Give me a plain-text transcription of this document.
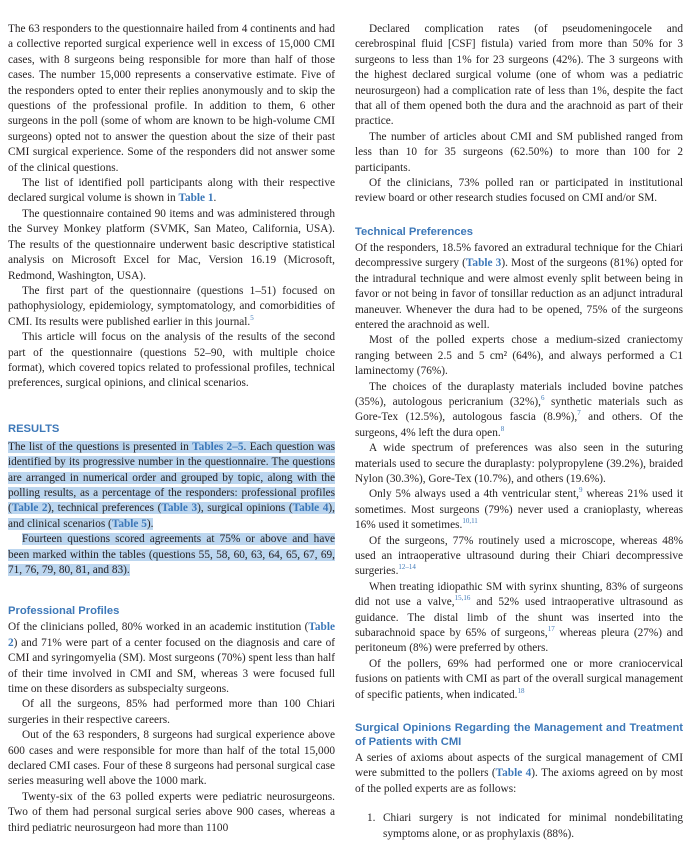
The 63 responders to the questionnaire hailed from 4 continents and had a collective reported surgical experience well in excess of 15,000 CMI cases, with 8 surgeons being responsible for more than half of those cases. The number 15,000 represents a conservative estimate. Five of the responders opted to enter their replies anonymously and to skip the questions of the professional profile. In addition to them, 6 other surgeons in the poll (some of whom are known to be high-volume CMI surgeons) opted not to answer the question about the size of their past CMI surgical experience. Some of the responders did not answer some of the clinical questions.

The list of identified poll participants along with their respective declared surgical volume is shown in Table 1.

The questionnaire contained 90 items and was administered through the Survey Monkey platform (SVMK, San Mateo, California, USA). The results of the questionnaire underwent basic descriptive statistical analysis on Microsoft Excel for Mac, Version 16.19 (Microsoft, Redmond, Washington, USA).

The first part of the questionnaire (questions 1–51) focused on pathophysiology, epidemiology, symptomatology, and comorbidities of CMI. Its results were published earlier in this journal.$^5$

This article will focus on the analysis of the results of the second part of the questionnaire (questions 52–90, with multiple choice format), which covered topics related to professional profiles, technical preferences, surgical opinions, and clinical scenarios.

RESULTS

The list of the questions is presented in Tables 2–5. Each question was identified by its progressive number in the questionnaire. The questions are arranged in numerical order and grouped by topic, along with the polling results, as a percentage of the responders: professional profiles (Table 2), technical preferences (Table 3), surgical opinions (Table 4), and clinical scenarios (Table 5).

Fourteen questions scored agreements at 75% or above and have been marked within the tables (questions 55, 58, 60, 63, 64, 65, 67, 69, 71, 76, 79, 80, 81, and 83).

Professional Profiles

Of the clinicians polled, 80% worked in an academic institution (Table 2) and 71% were part of a center focused on the diagnosis and care of CMI and syringomyelia (SM). Most surgeons (70%) spent less than half of their time involved in CMI and SM, whereas 3 were focused full time on these disorders as subspecialty surgeons.

Of all the surgeons, 85% had performed more than 100 Chiari surgeries in their respective careers.

Out of the 63 responders, 8 surgeons had surgical experience above 600 cases and were responsible for more than half of the total 15,000 declared CMI cases. Four of these 8 surgeons had personal surgical case series measuring well above the 1000 mark.

Twenty-six of the 63 polled experts were pediatric neurosurgeons. Two of them had personal surgical series above 900 cases, whereas a third pediatric neurosurgeon had more than 1100

Declared complication rates (of pseudomeningocele and cerebrospinal fluid [CSF] fistula) varied from more than 50% for 3 surgeons to less than 1% for 23 surgeons (42%). The 3 surgeons with the highest declared surgical volume (one of whom was a pediatric neurosurgeon) had a complication rate of less than 1%, despite the fact that all of them opened both the dura and the arachnoid as part of their practice.

The number of articles about CMI and SM published ranged from less than 10 for 35 surgeons (62.50%) to more than 100 for 2 participants.

Of the clinicians, 73% polled ran or participated in institutional review board or other research studies focused on CMI and/or SM.

Technical Preferences

Of the responders, 18.5% favored an extradural technique for the Chiari decompressive surgery (Table 3). Most of the surgeons (81%) opted for the intradural technique and were almost evenly split between being in favor or not being in favor of tonsillar reduction as an adjunct intradural maneuver. Whenever the dura had to be opened, 75% of the surgeons entered the arachnoid as well.

Most of the polled experts chose a medium-sized craniectomy ranging between 2.5 and 5 cm² (64%), and always performed a C1 laminectomy (76%).

The choices of the duraplasty materials included bovine patches (35%), autologous pericranium (32%),$^6$ synthetic materials such as Gore-Tex (12.5%), autologous fascia (8.9%),$^7$ and others. Of the surgeons, 4% left the dura open.$^8$

A wide spectrum of preferences was also seen in the suturing materials used to secure the duraplasty: polypropylene (39.2%), braided Nylon (30.3%), Gore-Tex (10.7%), and others (19.6%).

Only 5% always used a 4th ventricular stent,$^9$ whereas 21% used it sometimes. Most surgeons (79%) never used a cranioplasty, whereas 16% used it sometimes.$^{10,11}$

Of the surgeons, 77% routinely used a microscope, whereas 48% used an intraoperative ultrasound during their Chiari decompressive surgeries.$^{12-14}$

When treating idiopathic SM with syrinx shunting, 83% of surgeons did not use a valve,$^{15,16}$ and 52% used intraoperative ultrasound as guidance. The distal limb of the shunt was inserted into the subarachnoid space by 65% of surgeons,$^{17}$ whereas pleura (27%) and peritoneum (8%) were preferred by others.

Of the pollers, 69% had performed one or more craniocervical fusions on patients with CMI as part of the overall surgical management of specific patients, when indicated.$^{18}$

Surgical Opinions Regarding the Management and Treatment of Patients with CMI

A series of axioms about aspects of the surgical management of CMI were submitted to the pollers (Table 4). The axioms agreed on by most of the polled experts are as follows:

1. Chiari surgery is not indicated for minimal nondebilitating symptoms alone, or as prophylaxis (88%).
